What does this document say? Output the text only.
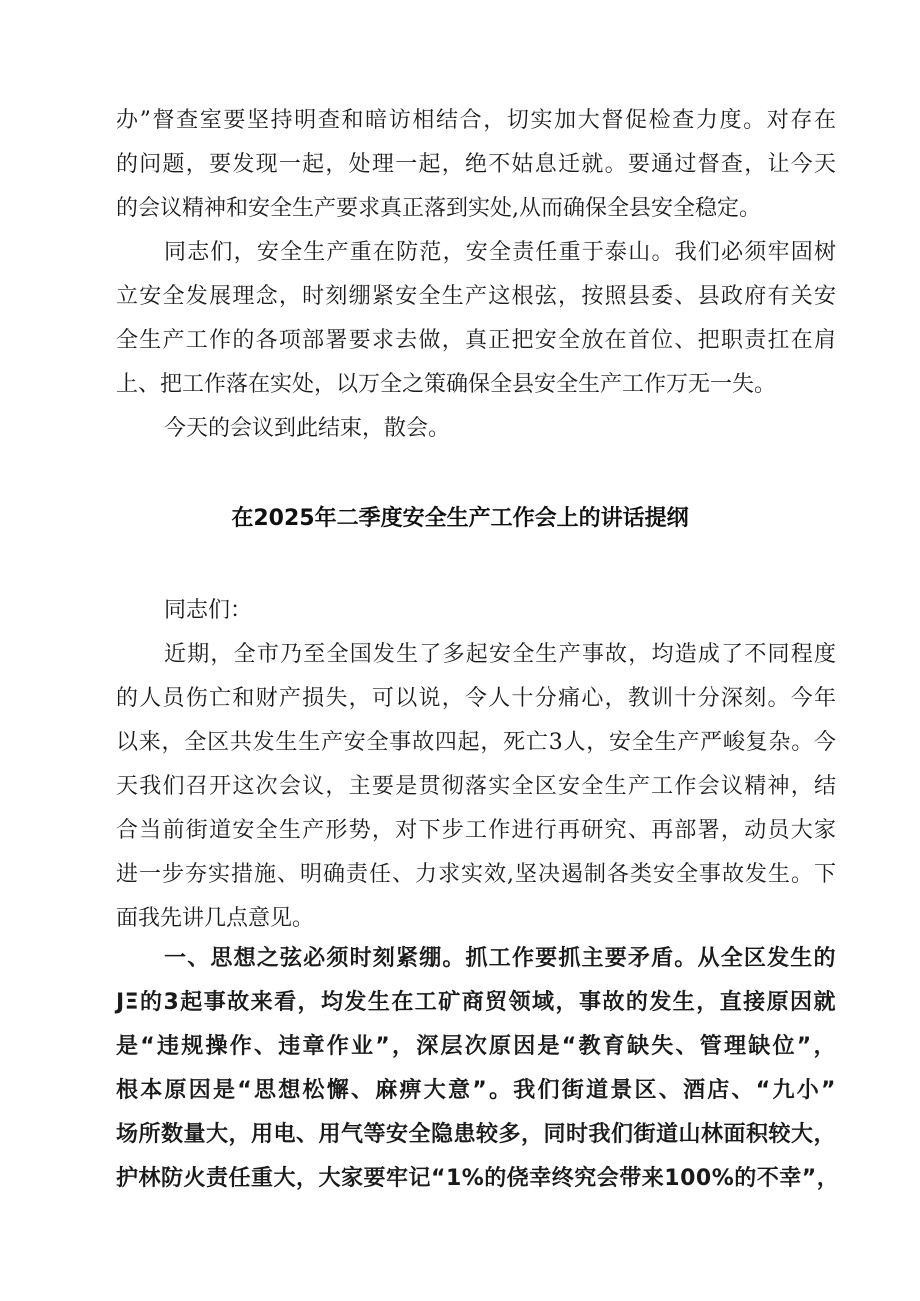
办”督查室要坚持明查和暗访相结合，切实加大督促检查力度。对存在
的问题，要发现一起，处理一起，绝不姑息迁就。要通过督查，让今天
的会议精神和安全生产要求真正落到实处,从而确保全县安全稳定。
同志们，安全生产重在防范，安全责任重于泰山。我们必须牢固树
立安全发展理念，时刻绷紧安全生产这根弦，按照县委、县政府有关安
全生产工作的各项部署要求去做，真正把安全放在首位、把职责扛在肩
上、把工作落在实处，以万全之策确保全县安全生产工作万无一失。
今天的会议到此结束，散会。
在2025年二季度安全生产工作会上的讲话提纲
同志们：
近期，全市乃至全国发生了多起安全生产事故，均造成了不同程度
的人员伤亡和财产损失，可以说，令人十分痛心，教训十分深刻。今年
以来，全区共发生生产安全事故四起，死亡3人，安全生产严峻复杂。今
天我们召开这次会议，主要是贯彻落实全区安全生产工作会议精神，结
合当前街道安全生产形势，对下步工作进行再研究、再部署，动员大家
进一步夯实措施、明确责任、力求实效,坚决遏制各类安全事故发生。下
面我先讲几点意见。
一、思想之弦必须时刻紧绷。抓工作要抓主要矛盾。从全区发生的
JΞ的3起事故来看，均发生在工矿商贸领域，事故的发生，直接原因就
是“违规操作、违章作业”，深层次原因是“教育缺失、管理缺位”，
根本原因是“思想松懈、麻痹大意”。我们街道景区、酒店、“九小”
场所数量大，用电、用气等安全隐患较多，同时我们街道山林面积较大，
护林防火责任重大，大家要牢记“1%的侥幸终究会带来100%的不幸”，
